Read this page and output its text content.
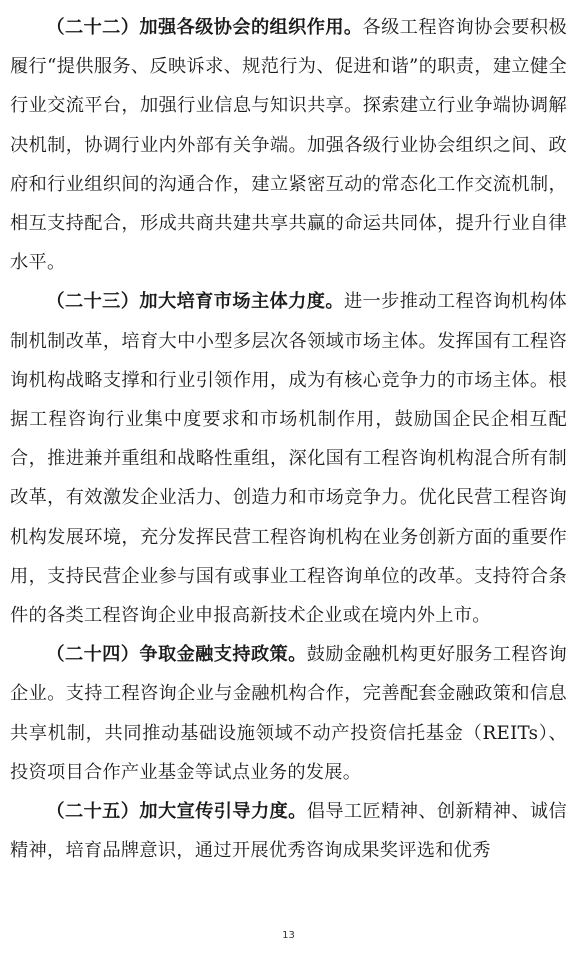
（二十二）加强各级协会的组织作用。各级工程咨询协会要积极履行“提供服务、反映诉求、规范行为、促进和谐”的职责，建立健全行业交流平台，加强行业信息与知识共享。探索建立行业争端协调解决机制，协调行业内外部有关争端。加强各级行业协会组织之间、政府和行业组织间的沟通合作，建立紧密互动的常态化工作交流机制，相互支持配合，形成共商共建共享共赢的命运共同体，提升行业自律水平。

（二十三）加大培育市场主体力度。进一步推动工程咨询机构体制机制改革，培育大中小型多层次各领域市场主体。发挥国有工程咨询机构战略支撑和行业引领作用，成为有核心竞争力的市场主体。根据工程咨询行业集中度要求和市场机制作用，鼓励国企民企相互配合，推进兼并重组和战略性重组，深化国有工程咨询机构混合所有制改革，有效激发企业活力、创造力和市场竞争力。优化民营工程咨询机构发展环境，充分发挥民营工程咨询机构在业务创新方面的重要作用，支持民营企业参与国有或事业工程咨询单位的改革。支持符合条件的各类工程咨询企业申报高新技术企业或在境内外上市。

（二十四）争取金融支持政策。鼓励金融机构更好服务工程咨询企业。支持工程咨询企业与金融机构合作，完善配套金融政策和信息共享机制，共同推动基础设施领域不动产投资信托基金（REITs）、投资项目合作产业基金等试点业务的发展。

（二十五）加大宣传引导力度。倡导工匠精神、创新精神、诚信精神，培育品牌意识，通过开展优秀咨询成果奖评选和优秀

13
